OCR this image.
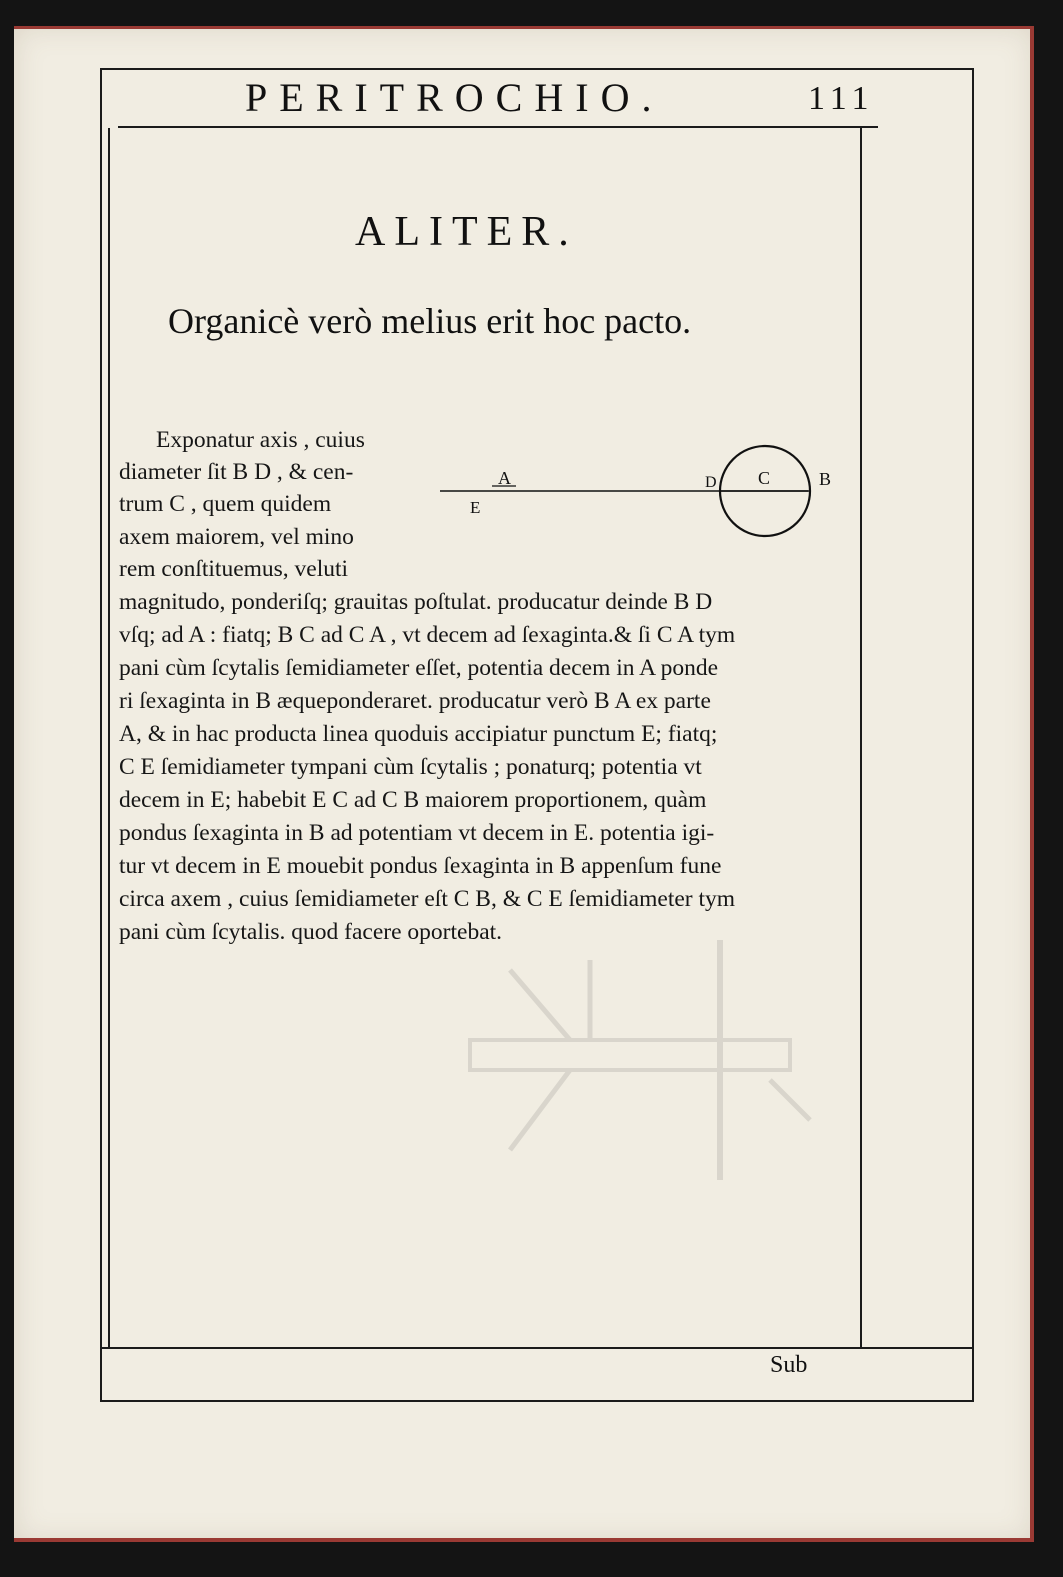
PERITROCHIO.	111
ALITER.
Organicè verò melius erit hoc pacto.
A	D C	B
E
Exponatur axis , cuius
diameter ſit B D , & cen-
trum C , quem quidem
axem maiorem, vel mino
rem conſtituemus, veluti
magnitudo, ponderiſq; grauitas poſtulat. producatur deinde B D
vſq; ad A : fiatq; B C ad C A , vt decem ad ſexaginta.& ſi C A tym
pani cùm ſcytalis ſemidiameter eſſet, potentia decem in A ponde
ri ſexaginta in B æqueponderaret. producatur verò B A ex parte
A, & in hac producta linea quoduis accipiatur punctum E; fiatq;
C E ſemidiameter tympani cùm ſcytalis ; ponaturq; potentia vt
decem in E; habebit E C ad C B maiorem proportionem, quàm
pondus ſexaginta in B ad potentiam vt decem in E. potentia igi-
tur vt decem in E mouebit pondus ſexaginta in B appenſum fune
circa axem , cuius ſemidiameter eſt C B, & C E ſemidiameter tym
pani cùm ſcytalis. quod facere oportebat.
Sub
